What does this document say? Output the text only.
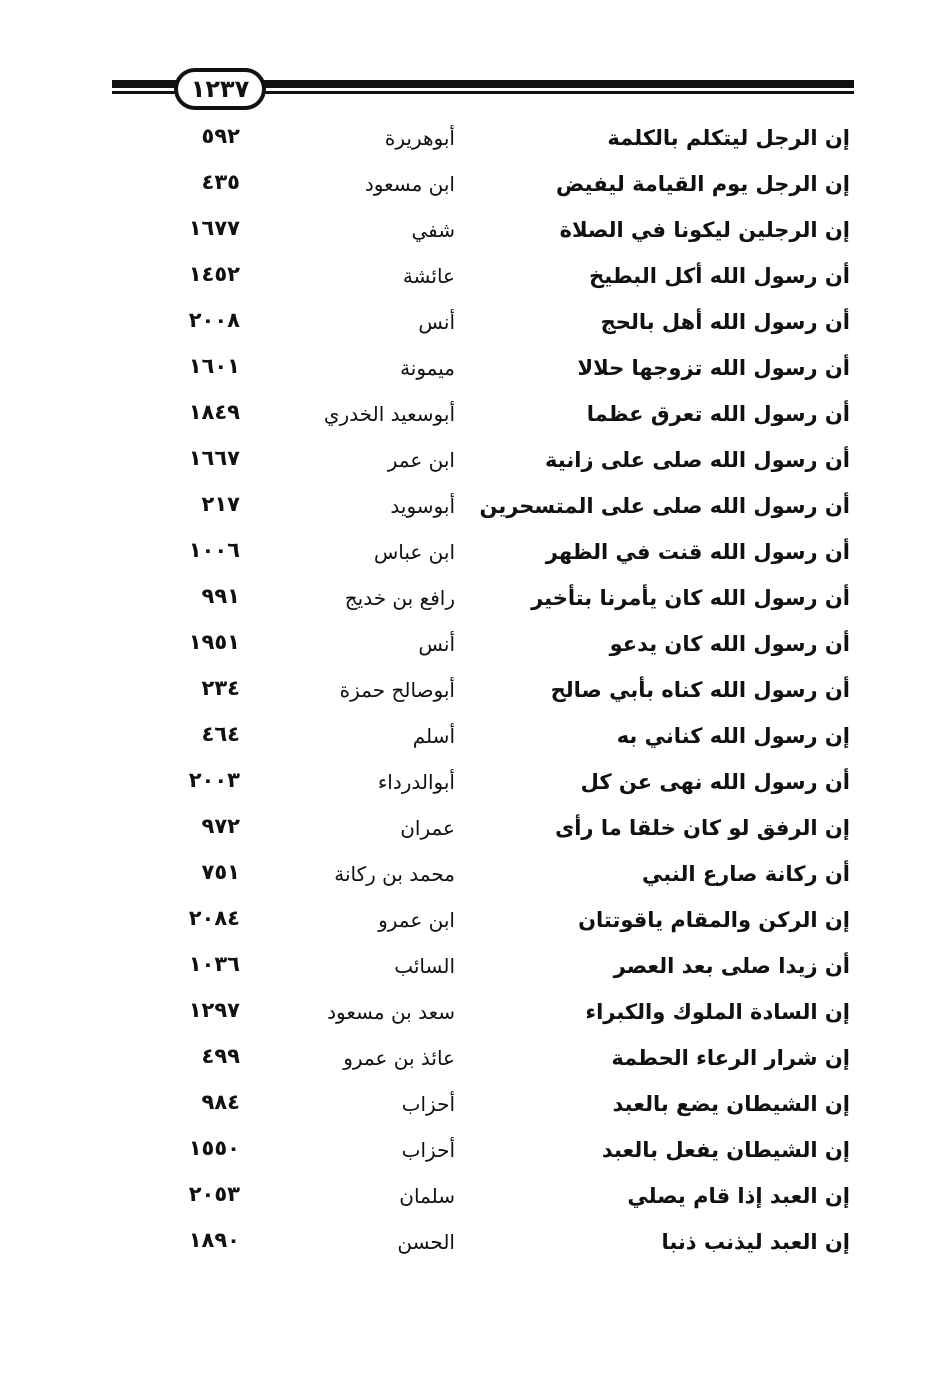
١٢٣٧
إن الرجل ليتكلم بالكلمة
أبوهريرة
٥٩٢
إن الرجل يوم القيامة ليفيض
ابن مسعود
٤٣٥
إن الرجلين ليكونا في الصلاة
شفي
١٦٧٧
أن رسول الله أكل البطيخ
عائشة
١٤٥٢
أن رسول الله أهل بالحج
أنس
٢٠٠٨
أن رسول الله تزوجها حلالا
ميمونة
١٦٠١
أن رسول الله تعرق عظما
أبوسعيد الخدري
١٨٤٩
أن رسول الله صلى على زانية
ابن عمر
١٦٦٧
أن رسول الله صلى على المتسحرين
أبوسويد
٢١٧
أن رسول الله قنت في الظهر
ابن عباس
١٠٠٦
أن رسول الله كان يأمرنا بتأخير
رافع بن خديج
٩٩١
أن رسول الله كان يدعو
أنس
١٩٥١
أن رسول الله كناه بأبي صالح
أبوصالح حمزة
٢٣٤
إن رسول الله كناني به
أسلم
٤٦٤
أن رسول الله نهى عن كل
أبوالدرداء
٢٠٠٣
إن الرفق لو كان خلقا ما رأى
عمران
٩٧٢
أن ركانة صارع النبي
محمد بن ركانة
٧٥١
إن الركن والمقام ياقوتتان
ابن عمرو
٢٠٨٤
أن زيدا صلى بعد العصر
السائب
١٠٣٦
إن السادة الملوك والكبراء
سعد بن مسعود
١٢٩٧
إن شرار الرعاء الحطمة
عائذ بن عمرو
٤٩٩
إن الشيطان يضع بالعبد
أحزاب
٩٨٤
إن الشيطان يفعل بالعبد
أحزاب
١٥٥٠
إن العبد إذا قام يصلي
سلمان
٢٠٥٣
إن العبد ليذنب ذنبا
الحسن
١٨٩٠
